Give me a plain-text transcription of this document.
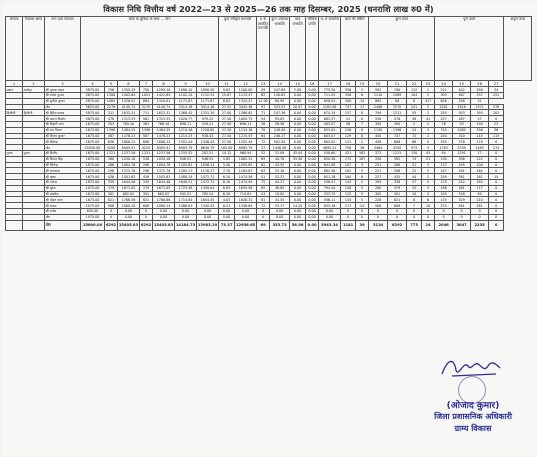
विकास निधि वित्तीय वर्ष 2022—23 से 2025—26 तक माह दिसम्बर, 2025 (धनराशि लाख रु0 में)
जनपद	विकास खण्ड	नाम ग्राम पंचायत	कार्य के सुविधा के साथ ... योग							कुल स्वीकृत धनराशि		0 के आवंटित धनराशि	कुल उपलब्ध धनराशि	व्यय धनराशि	भौतिक प्रगति	% में धनराशि	कार्य की स्थिति		कुल कार्य				पूर्ण कार्य				अपूर्ण कार्य
1	2	3	4	5	6	7	8	9	10	11	12	13	14	15	16	17	18	19	20	21	22	23	24	25	26	27	
उन्नाव	असोहा	श्री गुलाब यादव	5875.00	756	1355.19	750	1295.10	1090.10	1090.50	5.83	1100.00	59	247.69	7.00	0.00	775.50	356	3	592	790	112	1	211	402	290	34	
		श्री रामेश कुमार	5875.00	1506	1402.64	1051	1422.64	1102.14	1152.54	15.87	1113.47	62	140.82	0.00	0.00	711.55	356	6	1110	1569	104	2	303	467	337	251	
		श्री सुनील कुमार	5875.00	1084	1326.91	864	1320.01	1171.87	1171.87	6.83	1324.47	11.00	80.99	0.00	0.00	650.01	300	14	885	68	8	417	626	256	31		
		योग	5625.00	2276	4140.74	3270	4140.74	3414.16	3414.16	27.52	3442.46	91	523.53	20.97	0.00	2182.06	747	17	2486	3270	241	3	1201	1818	1371	576	
हिलौली	हिलौली	श्री दिनेश प्रसाद	5875.00	311	1632.31	711	1622.31	1368.42	1331.30	27.00	1368.62	71	247.36	0.00	0.00	674.19	157	8	794	1211	93	2	255	503	393	201	
		श्री कमल किशोर	5875.00	478	1313.33	561	1313.33	1028.77	979.22	27.50	1005.73	54	95.83	0.00	0.00	662.57	41	8	530	576	38	41	227	267	57	0	
		श्री बिहारी लाल	1675.00	303	765.10	361	766.10	696.11	526.21	27.50	696.11	38	28.58	0.00	0.00	403.07	98	7	309	300	2	2	76	93	190	23	
		श्री राम मिलन	1675.00	1396	1464.25	1396	1464.25	1214.16	1258.85	27.50	1214.16	70	248.40	0.00	0.00	853.04	246	9	1130	1396	24	3	745	1085	336	36	
		श्री विजय कुमार	1675.00	387	1478.23	587	1478.23	1215.23	938.43	27.50	1215.53	64	246.17	0.00	0.00	603.07	129	8	450	747	72	2	240	310	145	115	
		श्री शिवेन्द्र	1675.00	638	1806.12	608	1806.12	1352.44	1348.44	27.50	1352.44	72	502.50	0.00	0.00	802.02	131	2	458	608	68	0	293	378	170	0	
		योग	25250.00	4200	8405.91	4225	8405.91	6983.79	6640.79	165.00	6983.79	37	1446.58	0.00	0.00	4895.21	758	36	3464	4250	373	3	1763	2339	1483	274	
पुरवा	पुरवा	श्री दिलीप	1675.00	1321	1237.56	1231	1237.56	1255.52	202.51	14.12	960.94	52	31.09	45.04	0.00	550.60	421	582	372	1231	130	43	94	1291	17	0	
		श्री विमल सिंह	1875.00	380	1030.18	538	1030.18	946.91	946.91	5.85	1062.31	69	40.78	35.56	0.00	650.38	174	187	328	585	74	21	190	396	222	0	
		श्री जितेन्द्र	1875.00	266	1004.76	208	1094.76	1205.62	1056.14	5.40	1055.62	62	43.55	0.00	0.00	641.08	107	3	251	266	31	3	137	195	100	0	
		श्री रमाकान्त	1875.00	296	1372.76	296	1372.76	1205.17	1176.37	7.70	1184.67	63	33.16	0.00	0.00	682.58	161	5	221	296	22	3	147	181	164	0	
		श्री कृष्ण	1675.00	436	1501.63	436	1505.63	1488.14	1472.71	6.10	1474.56	51	52.31	0.00	0.00	651.18	164	8	227	435	44	2	249	381	161	14	
		श्री गजेन्द्र	1875.00	339	1644.46	339	1644.46	1648.51	1472.71	6.10	1474.94	75	44.21	0.00	0.00	538.47	143	5	395	338	57	5	175	242	185	0	
		श्री सुरेश	1075.00	379	1671.05	379	1671.05	1723.58	1390.04	6.83	1635.58	65	48.85	0.00	0.00	794.44	128	5	280	379	25	3	188	261	117	0	
		श्री अवधेश	1675.00	301	662.02	301	662.02	545.51	785.54	6.10	714.61	41	10.02	0.00	0.00	333.75	123	5	305	301	10	3	105	158	90	0	
		श्री मोहन लाल	1675.00	821	1766.56	821	1766.66	1714.84	1654.45	4.03	1628.31	81	41.55	0.00	0.00	556.11	134	5	226	821	8	6	155	329	210	0	
		श्री संजय	1075.00	908	1080.10	608	1080.14	1486.61	1340.42	8.21	1348.64	72	33.17	14.25	0.00	835.16	117	24	506	608	7	10	274	461	281	0	
		श्री प्रमोद	630.00	0	0.00	0	0.00	0.00	0.00	0.00	0.00	0	0.00	0.00	0.00	0.00	0	0	0	0	0	0	0	0	0	0	
		योग	1975.00	0	0.00	0	0.00	0.00	0.00	0.00	0.00	0	0.00	0.00	0.00	0.00	0	0	0	0	0	0	0	0	0	0	
		योग	15800.00	6292	15405.83	6292	15405.83	14184.73	13983.29	73.37	12956.65	69	353.73	56.56	0.00	5943.34	1181	39	3134	6292	773	24	2046	3047	2235	0	
(ओजाद कुमार)
जिला प्रशासनिक अधिकारी
ग्राम्य विकास
